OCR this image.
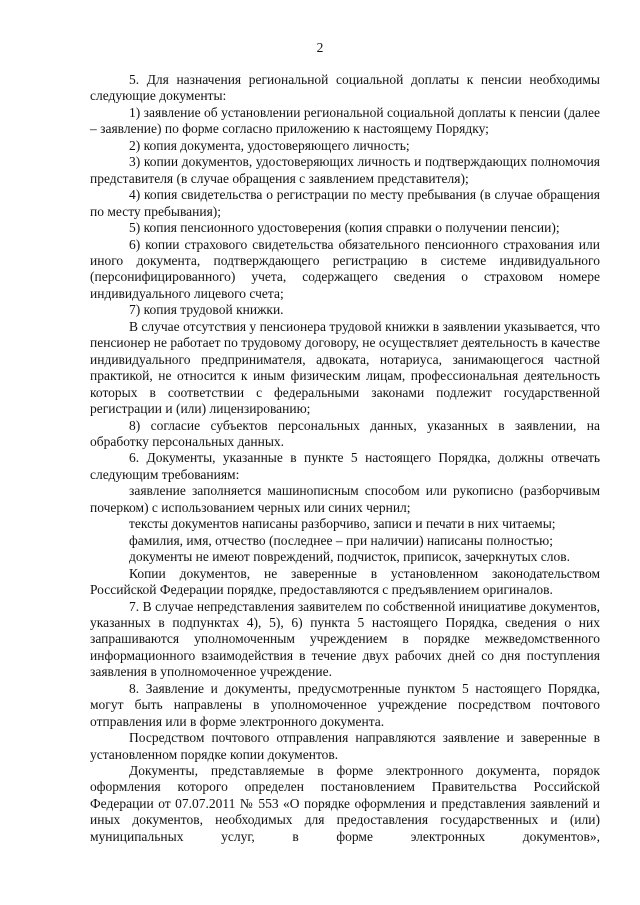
2

5. Для назначения региональной социальной доплаты к пенсии необходимы следующие документы:

1) заявление об установлении региональной социальной доплаты к пенсии (далее – заявление) по форме согласно приложению к настоящему Порядку;

2) копия документа, удостоверяющего личность;

3) копии документов, удостоверяющих личность и подтверждающих полномочия представителя (в случае обращения с заявлением представителя);

4) копия свидетельства о регистрации по месту пребывания (в случае обращения по месту пребывания);

5) копия пенсионного удостоверения (копия справки о получении пенсии);

6) копии страхового свидетельства обязательного пенсионного страхования или иного документа, подтверждающего регистрацию в системе индивидуального (персонифицированного) учета, содержащего сведения о страховом номере индивидуального лицевого счета;

7) копия трудовой книжки.

В случае отсутствия у пенсионера трудовой книжки в заявлении указывается, что пенсионер не работает по трудовому договору, не осуществляет деятельность в качестве индивидуального предпринимателя, адвоката, нотариуса, занимающегося частной практикой, не относится к иным физическим лицам, профессиональная деятельность которых в соответствии с федеральными законами подлежит государственной регистрации и (или) лицензированию;

8) согласие субъектов персональных данных, указанных в заявлении, на обработку персональных данных.

6. Документы, указанные в пункте 5 настоящего Порядка, должны отвечать следующим требованиям:

заявление заполняется машинописным способом или рукописно (разборчивым почерком) с использованием черных или синих чернил;

тексты документов написаны разборчиво, записи и печати в них читаемы;

фамилия, имя, отчество (последнее – при наличии) написаны полностью;

документы не имеют повреждений, подчисток, приписок, зачеркнутых слов.

Копии документов, не заверенные в установленном законодательством Российской Федерации порядке, предоставляются с предъявлением оригиналов.

7. В случае непредставления заявителем по собственной инициативе документов, указанных в подпунктах 4), 5), 6) пункта 5 настоящего Порядка, сведения о них запрашиваются уполномоченным учреждением в порядке межведомственного информационного взаимодействия в течение двух рабочих дней со дня поступления заявления в уполномоченное учреждение.

8. Заявление и документы, предусмотренные пунктом 5 настоящего Порядка, могут быть направлены в уполномоченное учреждение посредством почтового отправления или в форме электронного документа.

Посредством почтового отправления направляются заявление и заверенные в установленном порядке копии документов.

Документы, представляемые в форме электронного документа, порядок оформления которого определен постановлением Правительства Российской Федерации от 07.07.2011 № 553 «О порядке оформления и представления заявлений и иных документов, необходимых для предоставления государственных и (или) муниципальных услуг, в форме электронных документов»,
